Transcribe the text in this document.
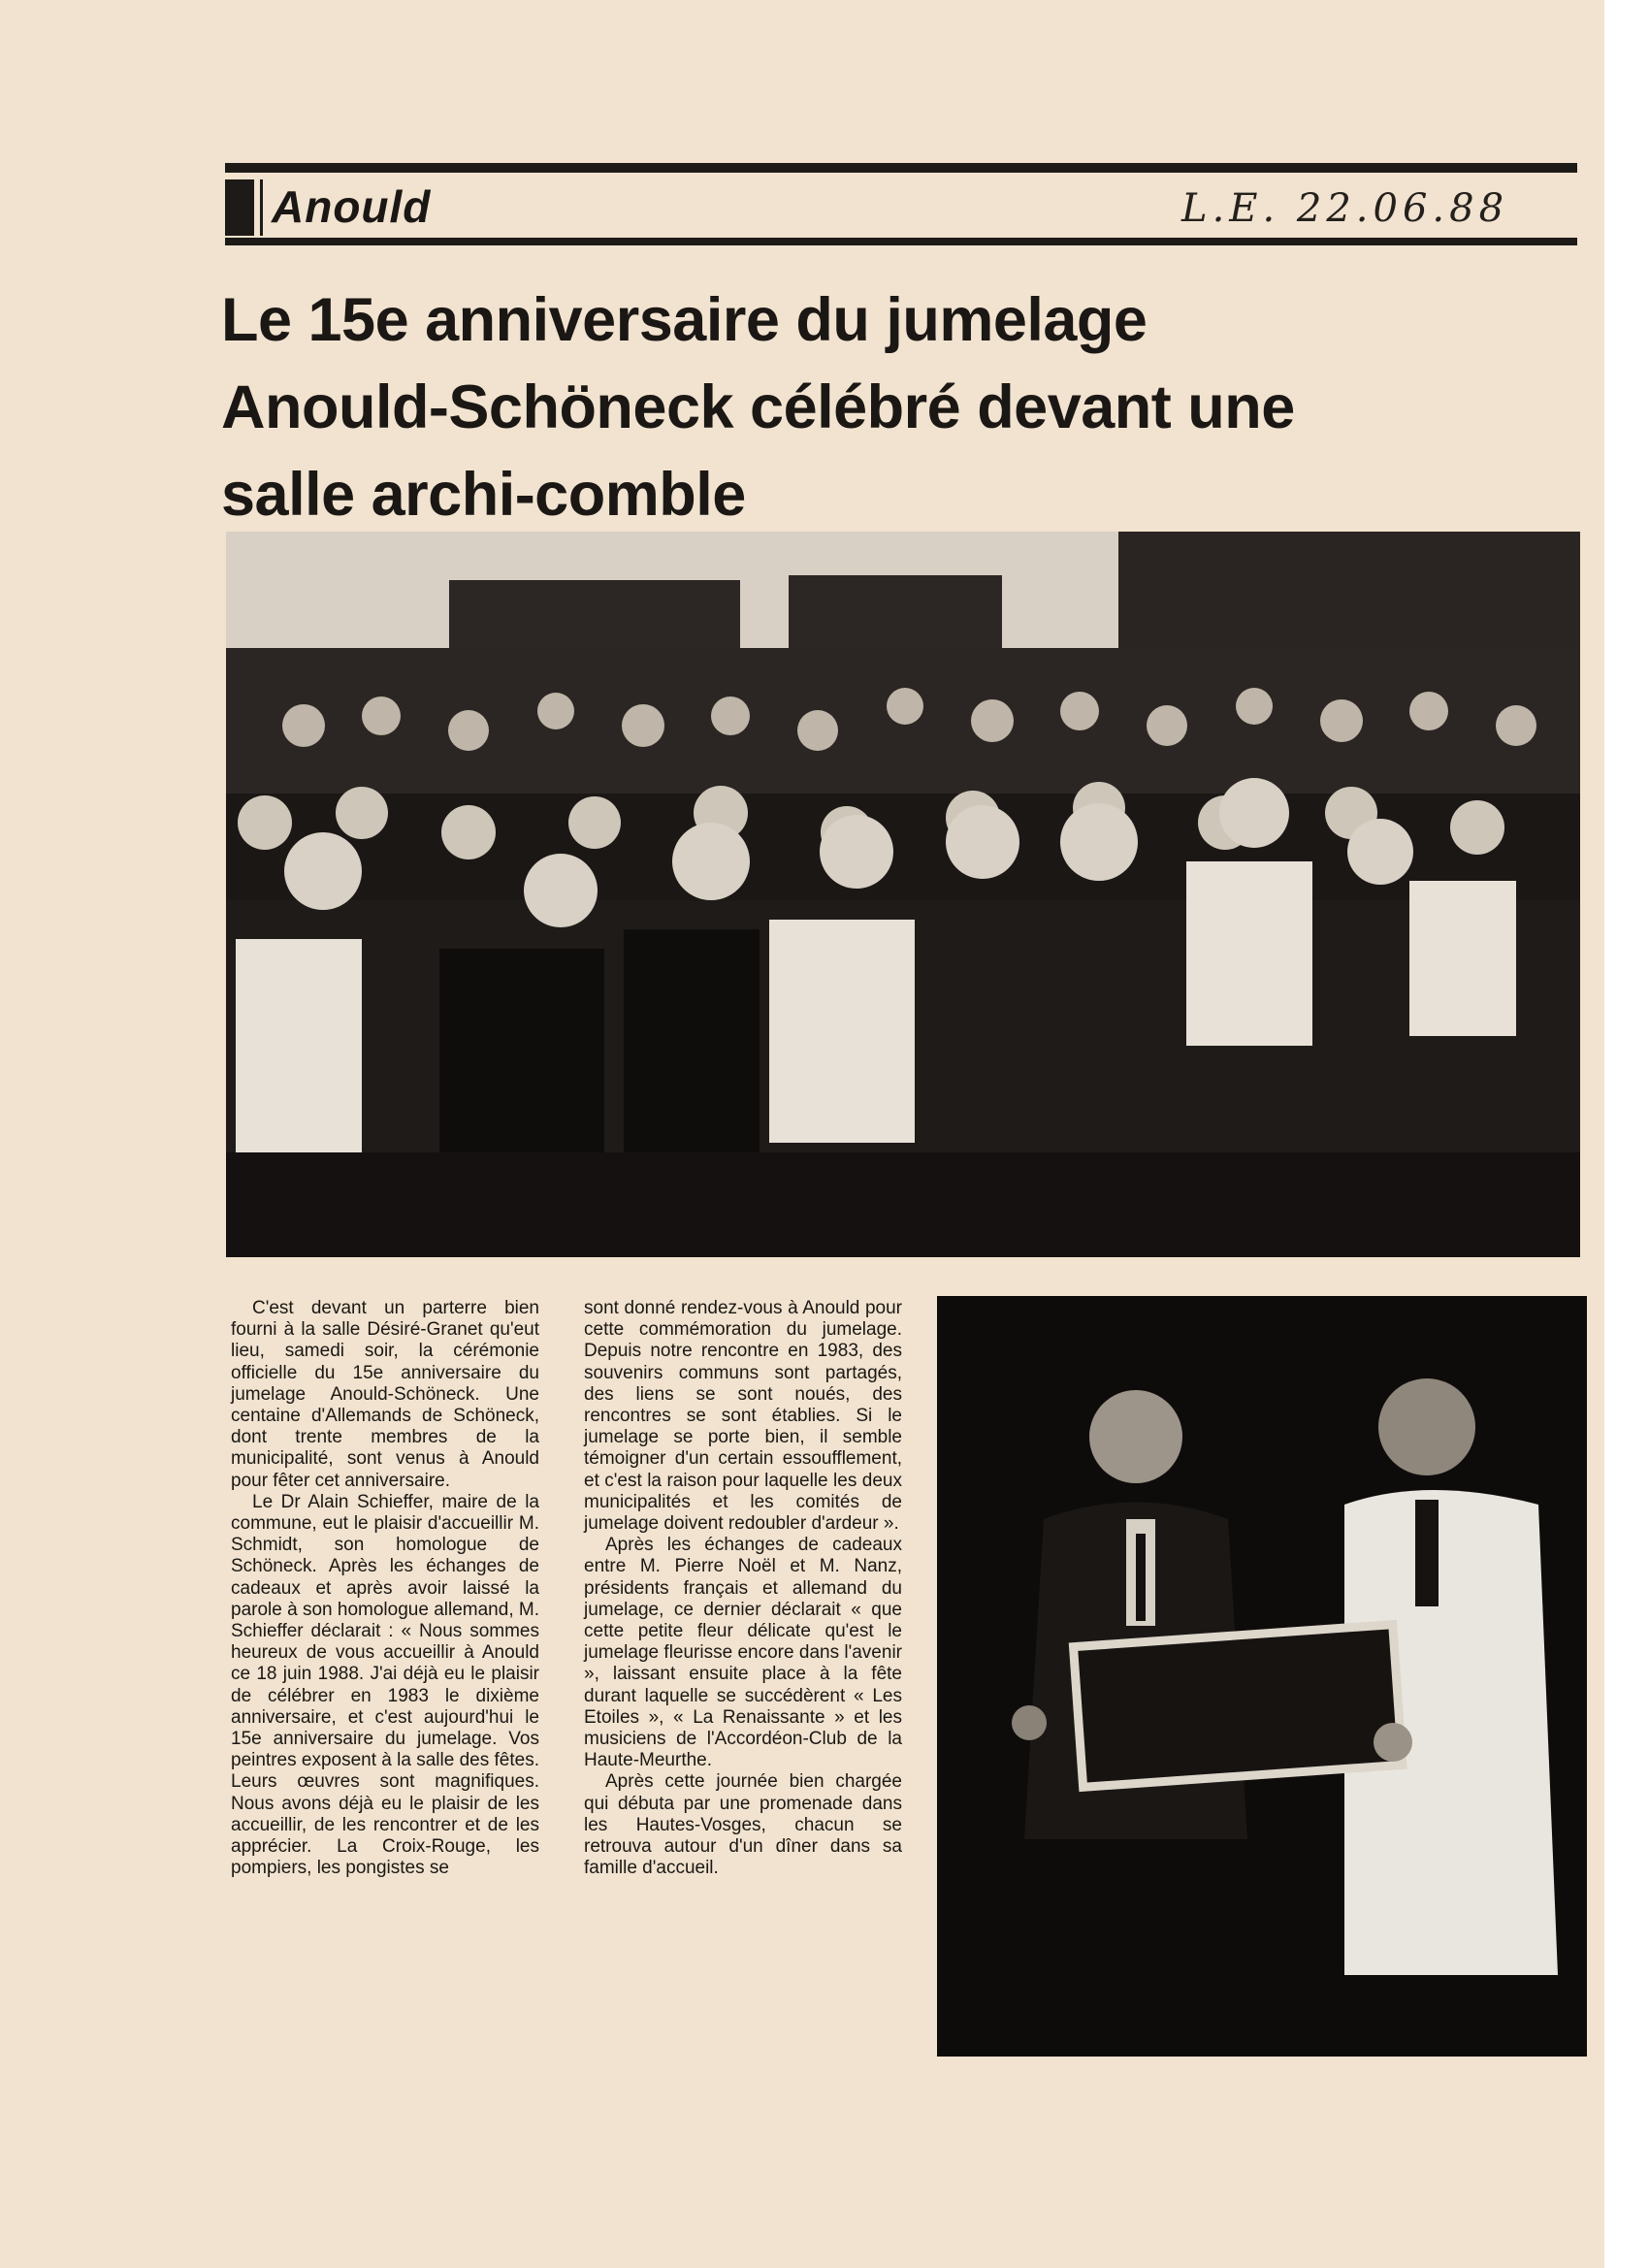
Anould	L.E. 22.06.88
Le 15e anniversaire du jumelage
Anould-Schöneck célébré devant une
salle archi-comble

C'est devant un parterre bien fourni à la salle Désiré-Granet qu'eut lieu, samedi soir, la cérémonie officielle du 15e anniversaire du jumelage Anould-Schöneck. Une centaine d'Allemands de Schöneck, dont trente membres de la municipalité, sont venus à Anould pour fêter cet anniversaire.

Le Dr Alain Schieffer, maire de la commune, eut le plaisir d'accueillir M. Schmidt, son homologue de Schöneck. Après les échanges de cadeaux et après avoir laissé la parole à son homologue allemand, M. Schieffer déclarait : « Nous sommes heureux de vous accueillir à Anould ce 18 juin 1988. J'ai déjà eu le plaisir de célébrer en 1983 le dixième anniversaire, et c'est aujourd'hui le 15e anniversaire du jumelage. Vos peintres exposent à la salle des fêtes. Leurs œuvres sont magnifiques. Nous avons déjà eu le plaisir de les accueillir, de les rencontrer et de les apprécier. La Croix-Rouge, les pompiers, les pongistes se

sont donné rendez-vous à Anould pour cette commémoration du jumelage. Depuis notre rencontre en 1983, des souvenirs communs sont partagés, des liens se sont noués, des rencontres se sont établies. Si le jumelage se porte bien, il semble témoigner d'un certain essoufflement, et c'est la raison pour laquelle les deux municipalités et les comités de jumelage doivent redoubler d'ardeur ».

Après les échanges de cadeaux entre M. Pierre Noël et M. Nanz, présidents français et allemand du jumelage, ce dernier déclarait « que cette petite fleur délicate qu'est le jumelage fleurisse encore dans l'avenir », laissant ensuite place à la fête durant laquelle se succédèrent « Les Etoiles », « La Renaissante » et les musiciens de l'Accordéon-Club de la Haute-Meurthe.

Après cette journée bien chargée qui débuta par une promenade dans les Hautes-Vosges, chacun se retrouva autour d'un dîner dans sa famille d'accueil.
